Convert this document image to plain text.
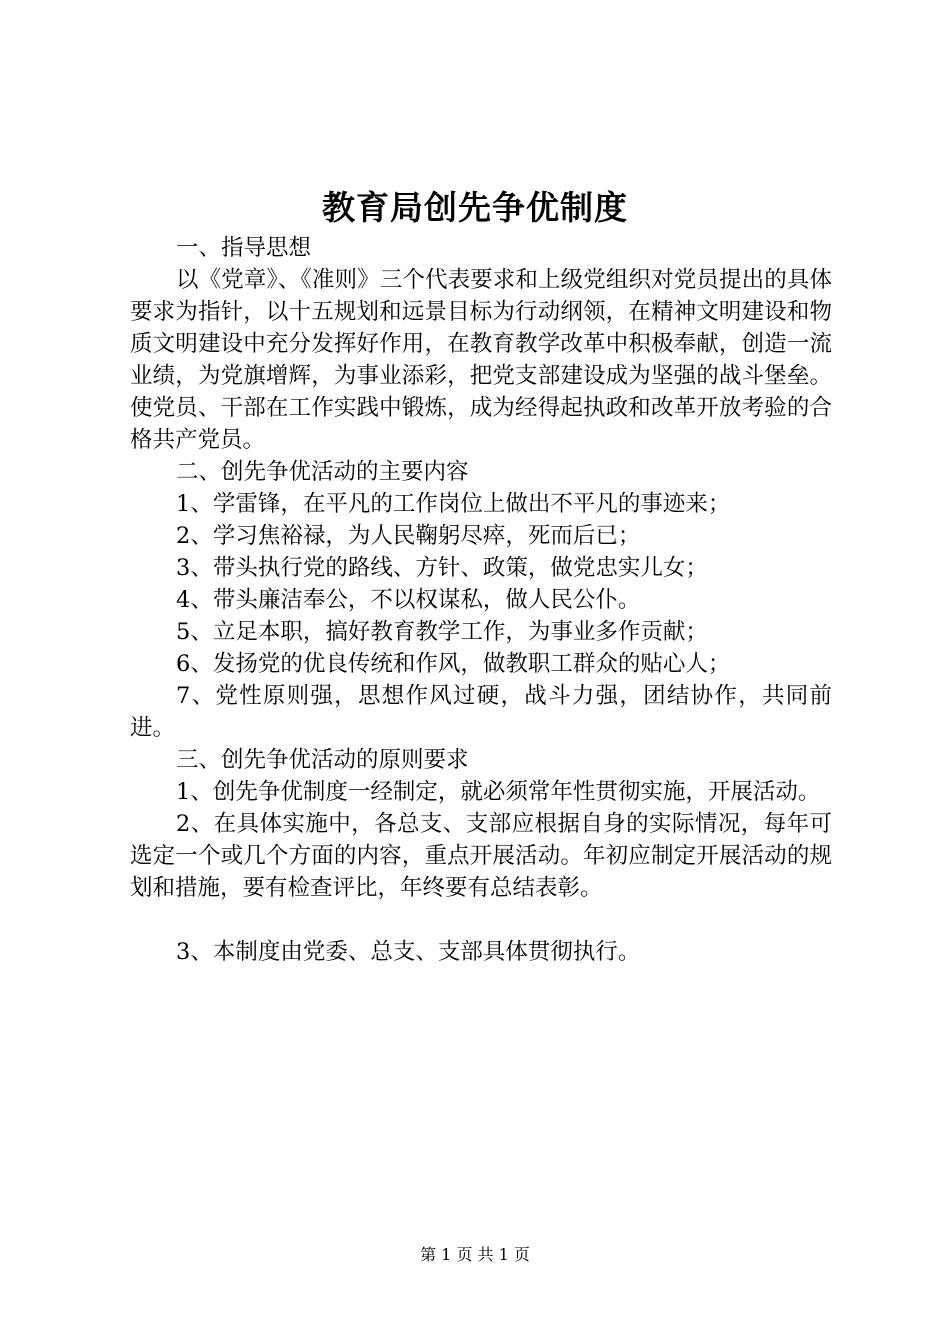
教育局创先争优制度

一、指导思想

以《党章》、《准则》三个代表要求和上级党组织对党员提出的具体要求为指针，以十五规划和远景目标为行动纲领，在精神文明建设和物质文明建设中充分发挥好作用，在教育教学改革中积极奉献，创造一流业绩，为党旗增辉，为事业添彩，把党支部建设成为坚强的战斗堡垒。使党员、干部在工作实践中锻炼，成为经得起执政和改革开放考验的合格共产党员。

二、创先争优活动的主要内容

1、学雷锋，在平凡的工作岗位上做出不平凡的事迹来；

2、学习焦裕禄，为人民鞠躬尽瘁，死而后已；

3、带头执行党的路线、方针、政策，做党忠实儿女；

4、带头廉洁奉公，不以权谋私，做人民公仆。

5、立足本职，搞好教育教学工作，为事业多作贡献；

6、发扬党的优良传统和作风，做教职工群众的贴心人；

7、党性原则强，思想作风过硬，战斗力强，团结协作，共同前进。

三、创先争优活动的原则要求

1、创先争优制度一经制定，就必须常年性贯彻实施，开展活动。

2、在具体实施中，各总支、支部应根据自身的实际情况，每年可选定一个或几个方面的内容，重点开展活动。年初应制定开展活动的规划和措施，要有检查评比，年终要有总结表彰。

3、本制度由党委、总支、支部具体贯彻执行。

第 1 页 共 1 页
